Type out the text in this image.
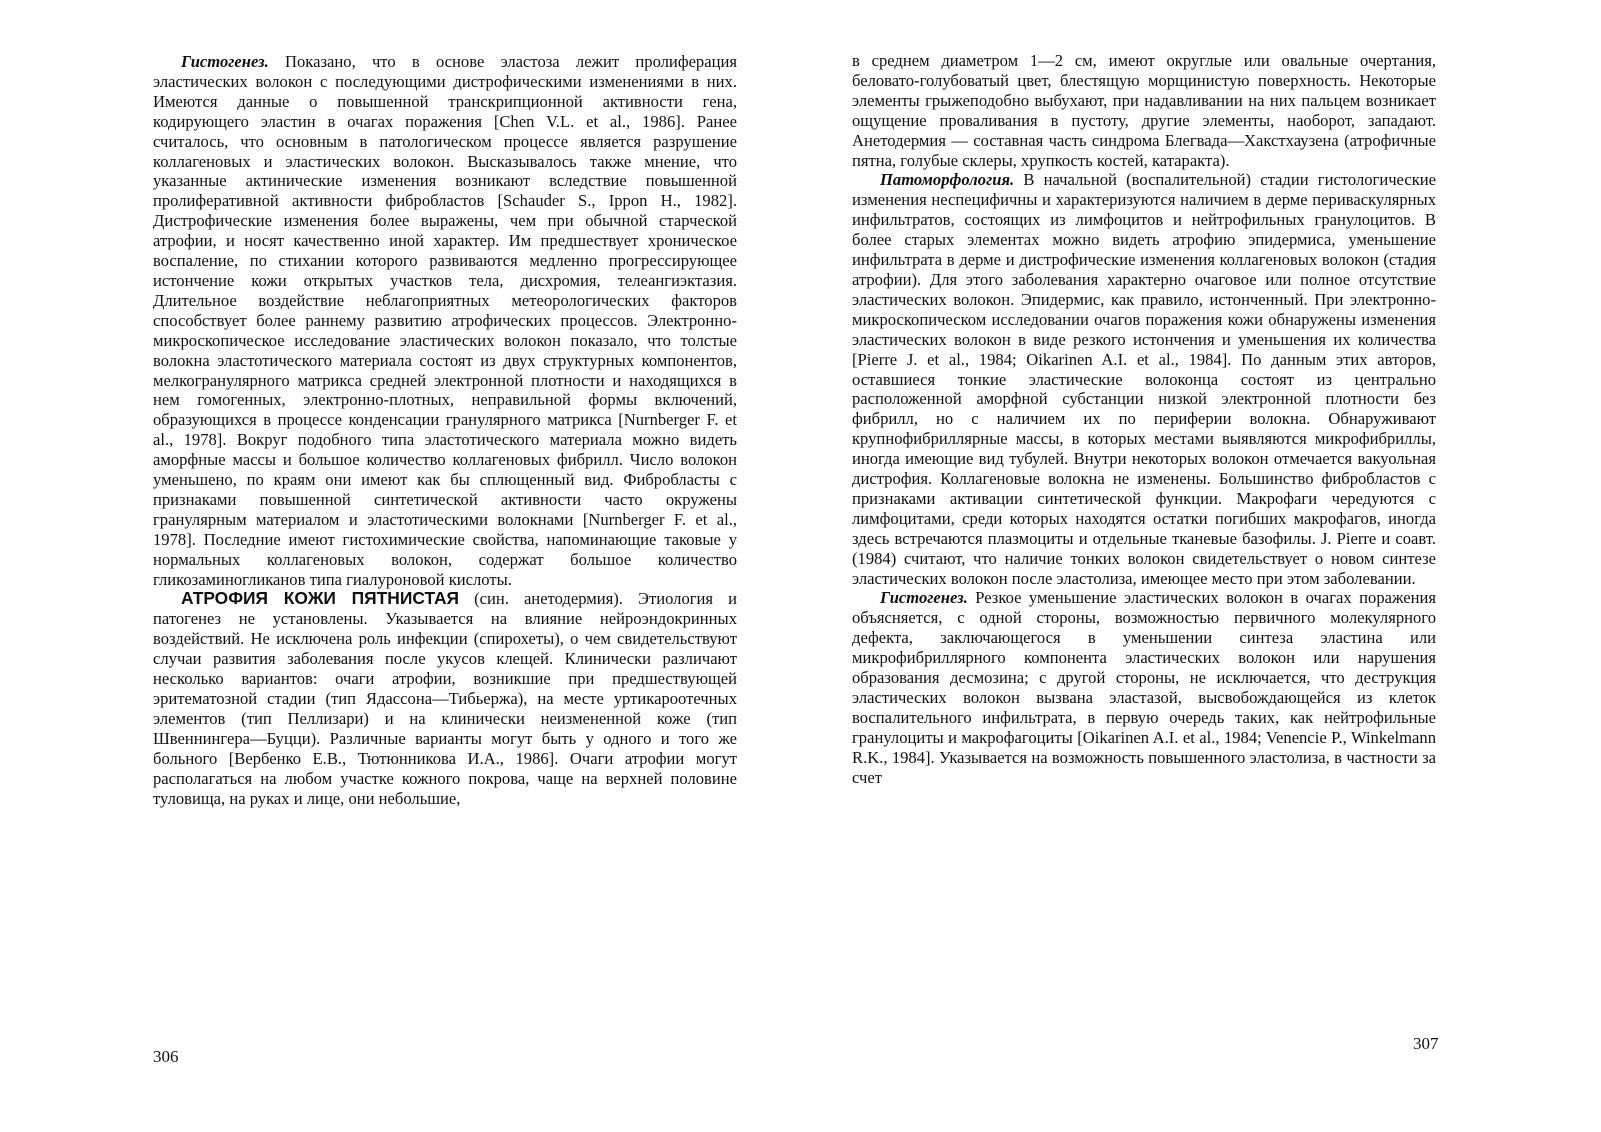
Гистогенез. Показано, что в основе эластоза лежит пролиферация эластических волокон с последующими дистрофическими изменениями в них. Имеются данные о повышенной транскрипционной активности гена, кодирующего эластин в очагах поражения [Chen V.L. et al., 1986]. Ранее считалось, что основным в патологическом процессе является разрушение коллагеновых и эластических волокон. Высказывалось также мнение, что указанные актинические изменения возникают вследствие повышенной пролиферативной активности фибробластов [Schauder S., Ippon H., 1982]. Дистрофические изменения более выражены, чем при обычной старческой атрофии, и носят качественно иной характер. Им предшествует хроническое воспаление, по стихании которого развиваются медленно прогрессирующее истончение кожи открытых участков тела, дисхромия, телеангиэктазия. Длительное воздействие неблагоприятных метеорологических факторов способствует более раннему развитию атрофических процессов. Электронно-микроскопическое исследование эластических волокон показало, что толстые волокна эластотического материала состоят из двух структурных компонентов, мелкогранулярного матрикса средней электронной плотности и находящихся в нем гомогенных, электронно-плотных, неправильной формы включений, образующихся в процессе конденсации гранулярного матрикса [Nurnberger F. et al., 1978]. Вокруг подобного типа эластотического материала можно видеть аморфные массы и большое количество коллагеновых фибрилл. Число волокон уменьшено, по краям они имеют как бы сплющенный вид. Фибробласты с признаками повышенной синтетической активности часто окружены гранулярным материалом и эластотическими волокнами [Nurnberger F. et al., 1978]. Последние имеют гистохимические свойства, напоминающие таковые у нормальных коллагеновых волокон, содержат большое количество гликозаминогликанов типа гиалуроновой кислоты.

АТРОФИЯ КОЖИ ПЯТНИСТАЯ (син. анетодермия). Этиология и патогенез не установлены. Указывается на влияние нейроэндокринных воздействий. Не исключена роль инфекции (спирохеты), о чем свидетельствуют случаи развития заболевания после укусов клещей. Клинически различают несколько вариантов: очаги атрофии, возникшие при предшествующей эритематозной стадии (тип Ядассона—Тибьержа), на месте уртикароотечных элементов (тип Пеллизари) и на клинически неизмененной коже (тип Швеннингера—Буцци). Различные варианты могут быть у одного и того же больного [Вербенко Е.В., Тютюнникова И.А., 1986]. Очаги атрофии могут располагаться на любом участке кожного покрова, чаще на верхней половине туловища, на руках и лице, они небольшие,

306

в среднем диаметром 1—2 см, имеют округлые или овальные очертания, беловато-голубоватый цвет, блестящую морщинистую поверхность. Некоторые элементы грыжеподобно выбухают, при надавливании на них пальцем возникает ощущение проваливания в пустоту, другие элементы, наоборот, западают. Анетодермия — составная часть синдрома Блегвада—Хакстхаузена (атрофичные пятна, голубые склеры, хрупкость костей, катаракта).

Патоморфология. В начальной (воспалительной) стадии гистологические изменения неспецифичны и характеризуются наличием в дерме периваскулярных инфильтратов, состоящих из лимфоцитов и нейтрофильных гранулоцитов. В более старых элементах можно видеть атрофию эпидермиса, уменьшение инфильтрата в дерме и дистрофические изменения коллагеновых волокон (стадия атрофии). Для этого заболевания характерно очаговое или полное отсутствие эластических волокон. Эпидермис, как правило, истонченный. При электронно-микроскопическом исследовании очагов поражения кожи обнаружены изменения эластических волокон в виде резкого истончения и уменьшения их количества [Pierre J. et al., 1984; Oikarinen A.I. et al., 1984]. По данным этих авторов, оставшиеся тонкие эластические волоконца состоят из центрально расположенной аморфной субстанции низкой электронной плотности без фибрилл, но с наличием их по периферии волокна. Обнаруживают крупнофибриллярные массы, в которых местами выявляются микрофибриллы, иногда имеющие вид тубулей. Внутри некоторых волокон отмечается вакуольная дистрофия. Коллагеновые волокна не изменены. Большинство фибробластов с признаками активации синтетической функции. Макрофаги чередуются с лимфоцитами, среди которых находятся остатки погибших макрофагов, иногда здесь встречаются плазмоциты и отдельные тканевые базофилы. J. Pierre и соавт. (1984) считают, что наличие тонких волокон свидетельствует о новом синтезе эластических волокон после эластолиза, имеющее место при этом заболевании.

Гистогенез. Резкое уменьшение эластических волокон в очагах поражения объясняется, с одной стороны, возможностью первичного молекулярного дефекта, заключающегося в уменьшении синтеза эластина или микрофибриллярного компонента эластических волокон или нарушения образования десмозина; с другой стороны, не исключается, что деструкция эластических волокон вызвана эластазой, высвобождающейся из клеток воспалительного инфильтрата, в первую очередь таких, как нейтрофильные гранулоциты и макрофагоциты [Oikarinen A.I. et al., 1984; Venencie P., Winkelmann R.K., 1984]. Указывается на возможность повышенного эластолиза, в частности за счет

307
